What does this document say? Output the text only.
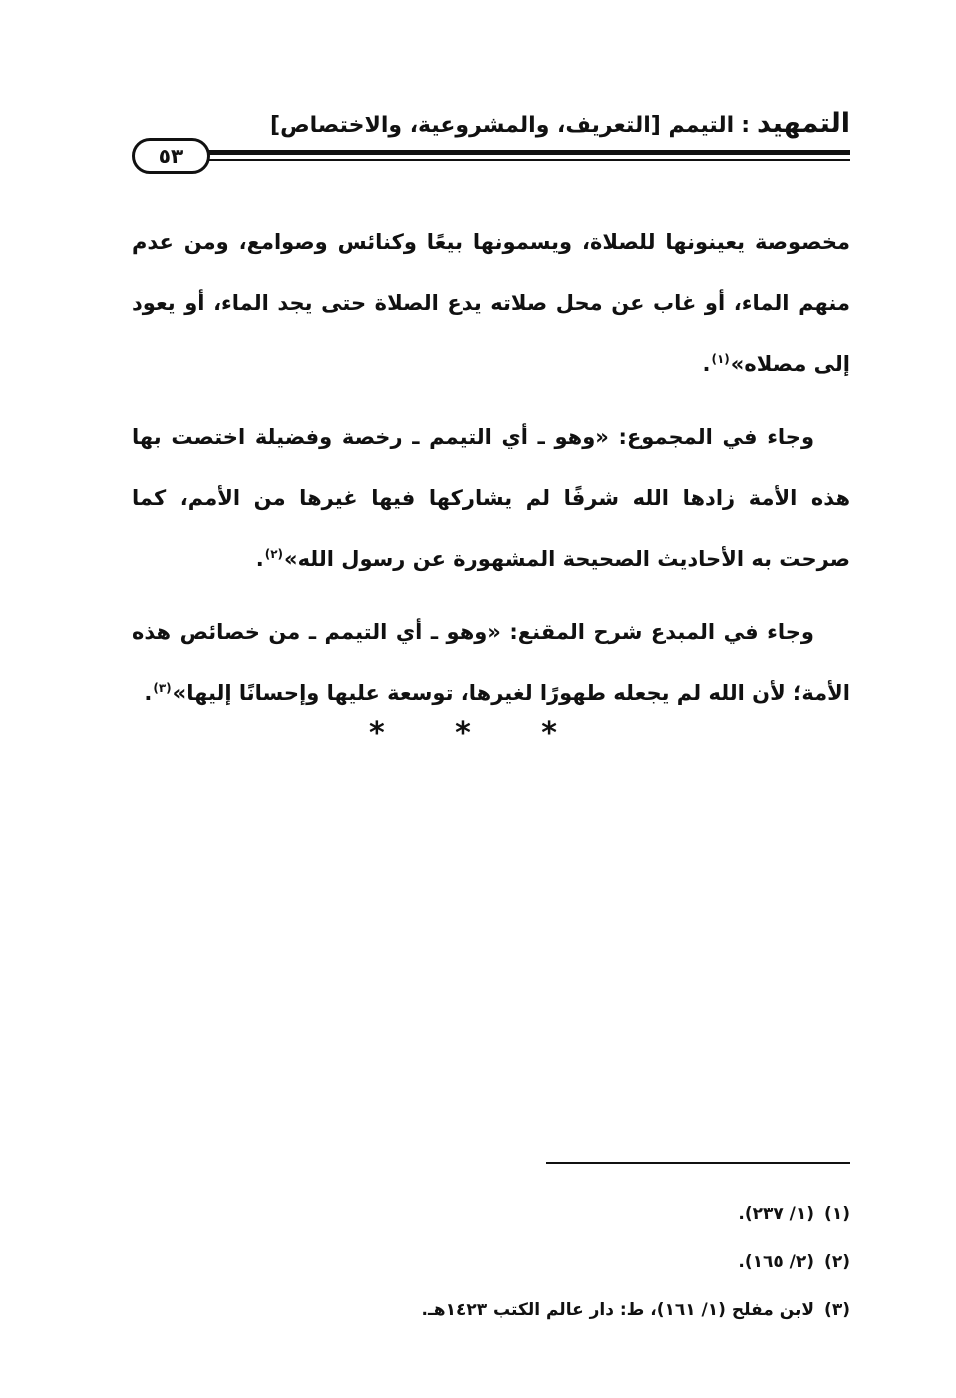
التمهيد:التيمم [التعريف، والمشروعية، والاختصاص]
٥٣

مخصوصة يعينونها للصلاة، ويسمونها بيعًا وكنائس وصوامع، ومن عدم منهم الماء، أو غاب عن محل صلاته يدع الصلاة حتى يجد الماء، أو يعود إلى مصلاه»$^{(١)}$.

وجاء في المجموع: «وهو ـ أي التيمم ـ رخصة وفضيلة اختصت بها هذه الأمة زادها الله شرفًا لم يشاركها فيها غيرها من الأمم، كما صرحت به الأحاديث الصحيحة المشهورة عن رسول الله»$^{(٢)}$.

وجاء في المبدع شرح المقنع: «وهو ـ أي التيمم ـ من خصائص هذه الأمة؛ لأن الله لم يجعله طهورًا لغيرها، توسعة عليها وإحسانًا إليها»$^{(٣)}$.

* * *
(١)(١/ ٢٣٧).
(٢)(٢/ ١٦٥).
(٣)لابن مفلح (١/ ١٦١)، ط: دار عالم الكتب ١٤٢٣هـ.
